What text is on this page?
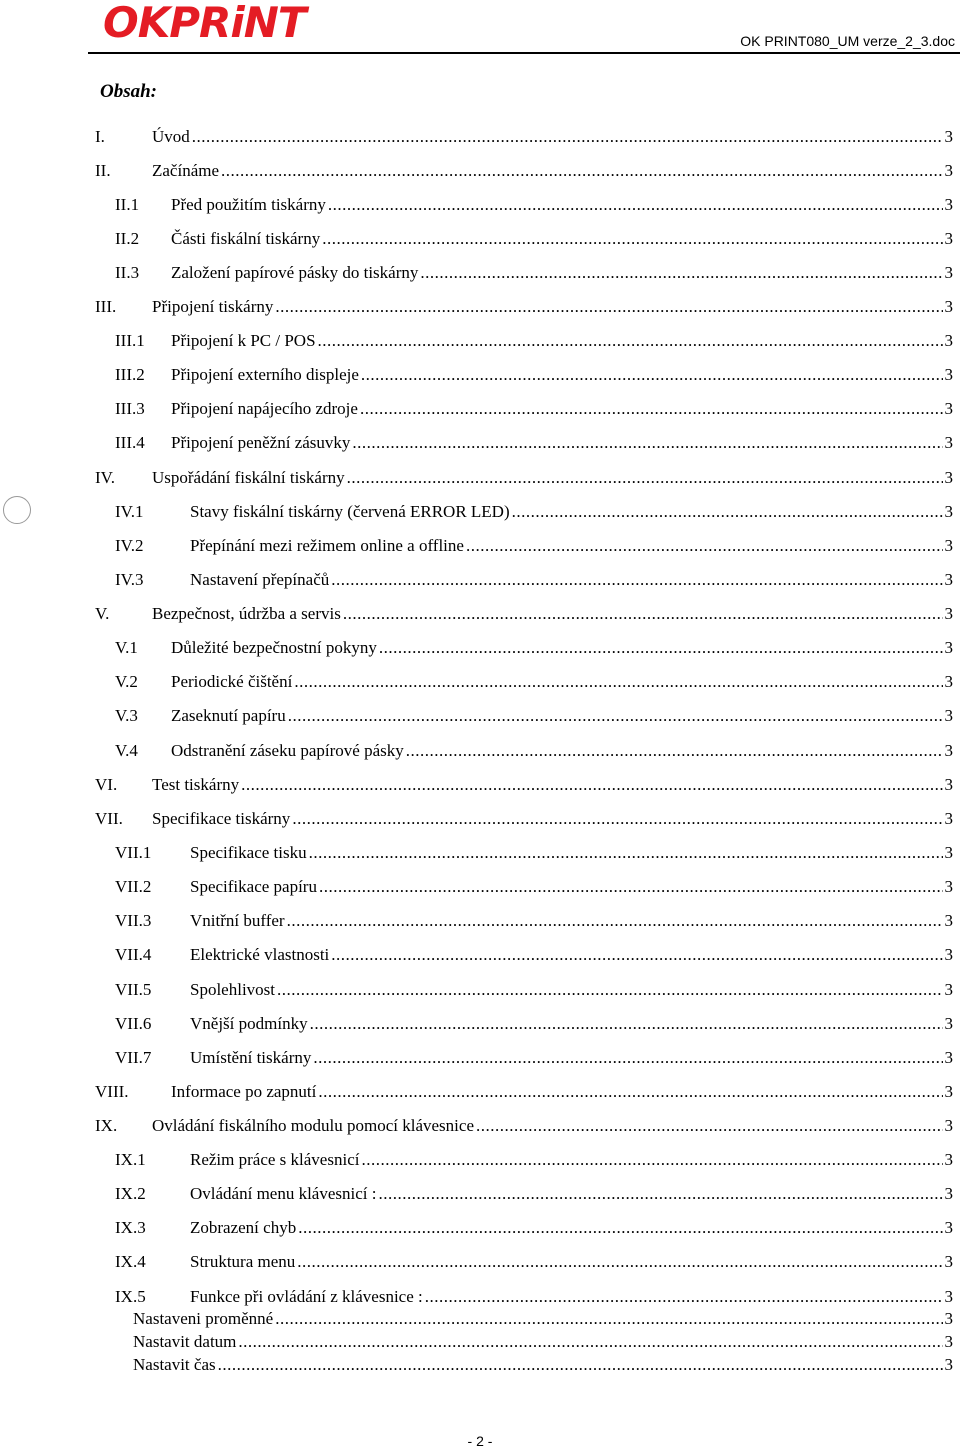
OKPRiNT	OK PRINT080_UM verze_2_3.doc
Obsah:
I.	Úvod .....	3
II. Začínáme .....	3
II.1 Před použitím tiskárny .....	3
II.2 Části fiskální tiskárny .....	3
II.3 Založení papírové pásky do tiskárny .....	3
III. Připojení tiskárny .....	3
III.1 Připojení k PC / POS .....	3
III.2 Připojení externího displeje .....	3
III.3 Připojení napájecího zdroje .....	3
III.4 Připojení peněžní zásuvky .....	3
IV. Uspořádání fiskální tiskárny .....	3
IV.1	Stavy fiskální tiskárny (červená ERROR LED) .....	3
IV.2	Přepínání mezi režimem online a offline .....	3
IV.3	Nastavení přepínačů .....	3
V.	Bezpečnost, údržba a servis .....	3
V.1 Důležité bezpečnostní pokyny .....	3
V.2 Periodické čištění .....	3
V.3 Zaseknutí papíru .....	3
V.4 Odstranění záseku papírové pásky .....	3
VI. Test tiskárny .....	3
VII. Specifikace tiskárny .....	3
VII.1 Specifikace tisku .....	3
VII.2 Specifikace papíru .....	3
VII.3 Vnitřní buffer .....	3
VII.4 Elektrické vlastnosti .....	3
VII.5 Spolehlivost .....	3
VII.6 Vnější podmínky .....	3
VII.7 Umístění tiskárny .....	3
VIII. Informace po zapnutí .....	3
IX. Ovládání fiskálního modulu pomocí klávesnice .....	3
IX.1	Režim práce s klávesnicí .....	3
IX.2	Ovládání menu klávesnicí : .....	3
IX.3	Zobrazení chyb .....	3
IX.4	Struktura menu .....	3
IX.5	Funkce při ovládání z klávesnice : .....	3
Nastaveni proměnné .....	3
Nastavit datum .....	3
Nastavit čas .....	3
- 2 -
